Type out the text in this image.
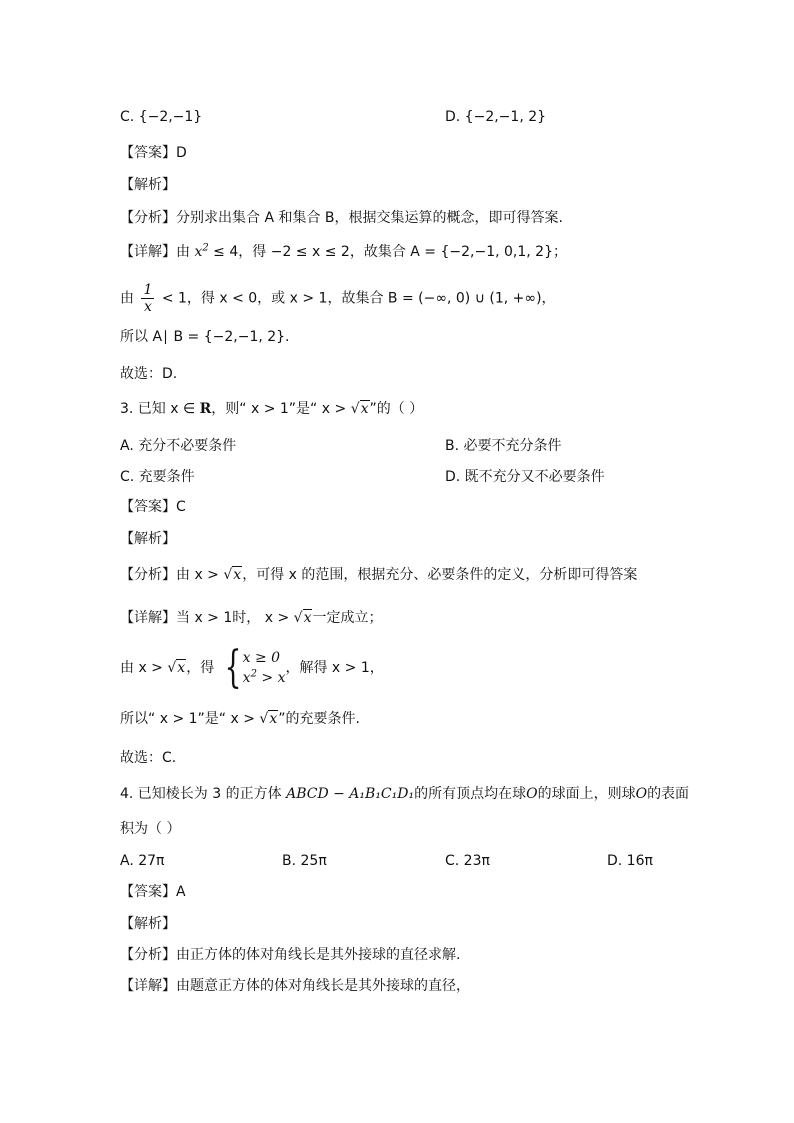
C. {−2,−1}	D. {−2,−1, 2}
【答案】D
【解析】
【分析】分别求出集合 A 和集合 B，根据交集运算的概念，即可得答案.
【详解】由 $x^2 \le 4$，得 −2 ≤ x ≤ 2，故集合 A = {−2,−1, 0,1, 2}；
由 $\frac{1}{x} < 1$，得 x < 0，或 x > 1，故集合 B = (−∞, 0) ∪ (1, +∞)，
所以 A∣ B = {−2,−1, 2}.
故选：D.
3. 已知 x ∈ R，则“ x > 1”是“ x > √x”的（ ）
A. 充分不必要条件	B. 必要不充分条件
C. 充要条件	D. 既不充分又不必要条件
【答案】C
【解析】
【分析】由 x > √x，可得 x 的范围，根据充分、必要条件的定义，分析即可得答案
【详解】当 x > 1时， x > √x一定成立；
由 x > √x，得 { x ≥ 0
$x^2 > x$
，解得 x > 1，
所以“ x > 1”是“ x > √x”的充要条件.
故选：C.
4. 已知棱长为 3 的正方体 ABCD − A₁B₁C₁D₁的所有顶点均在球O的球面上，则球O的表面
积为（ ）
A. 27π	B. 25π	C. 23π	D. 16π
【答案】A
【解析】
【分析】由正方体的体对角线长是其外接球的直径求解.
【详解】由题意正方体的体对角线长是其外接球的直径，
